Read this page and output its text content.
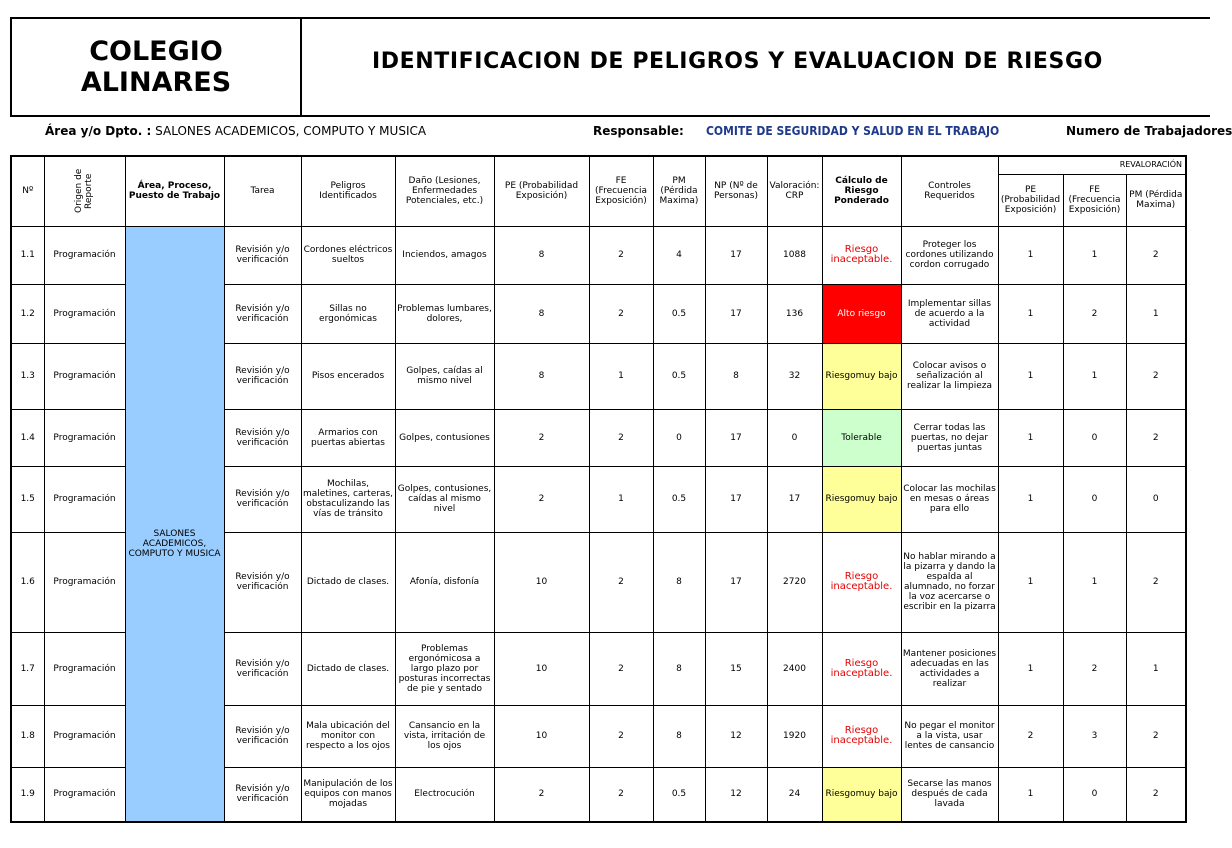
COLEGIO
ALINARES
IDENTIFICACION DE PELIGROS Y EVALUACION DE RIESGO
Área y/o Dpto. : SALONES ACADEMICOS, COMPUTO Y MUSICA	Responsable: COMITE DE SEGURIDAD Y SALUD EN EL TRABAJO	Numero de Trabajadores
Nº	Origen de Reporte	Área, Proceso, Puesto de Trabajo	Tarea	Peligros Identificados	Daño (Lesiones, Enfermedades Potenciales, etc.)	PE (Probabilidad Exposición)	FE (Frecuencia Exposición)	PM (Pérdida Maxima)	NP (Nº de Personas)	Valoración: CRP	Cálculo de Riesgo Ponderado	Controles Requeridos	REVALORACIÓN		
													PE (Probabilidad Exposición)	FE (Frecuencia Exposición)	PM (Pérdida Maxima)
1.1	Programación	SALONES ACADEMICOS, COMPUTO Y MUSICA	Revisión y/o verificación	Cordones eléctricos sueltos	Inciendos, amagos	8	2	4	17	1088	Riesgo inaceptable.	Proteger los cordones utilizando cordon corrugado	1	1	2
1.2	Programación		Revisión y/o verificación	Sillas no ergonómicas	Problemas lumbares, dolores,	8	2	0.5	17	136	Alto riesgo	Implementar sillas de acuerdo a la actividad	1	2	1
1.3	Programación		Revisión y/o verificación	Pisos encerados	Golpes, caídas al mismo nivel	8	1	0.5	8	32	Riesgomuy bajo	Colocar avisos o señalización al realizar la limpieza	1	1	2
1.4	Programación		Revisión y/o verificación	Armarios con puertas abiertas	Golpes, contusiones	2	2	0	17	0	Tolerable	Cerrar todas las puertas, no dejar puertas juntas	1	0	2
1.5	Programación		Revisión y/o verificación	Mochilas, maletines, carteras, obstaculizando las vías de tránsito	Golpes, contusiones, caídas al mismo nivel	2	1	0.5	17	17	Riesgomuy bajo	Colocar las mochilas en mesas o áreas para ello	1	0	0
1.6	Programación		Revisión y/o verificación	Dictado de clases.	Afonía, disfonía	10	2	8	17	2720	Riesgo inaceptable.	No hablar mirando a la pizarra y dando la espalda al alumnado, no forzar la voz acercarse o escribir en la pizarra	1	1	2
1.7	Programación		Revisión y/o verificación	Dictado de clases.	Problemas ergonómicosa a largo plazo por posturas incorrectas de pie y sentado	10	2	8	15	2400	Riesgo inaceptable.	Mantener posiciones adecuadas en las actividades a realizar	1	2	1
1.8	Programación		Revisión y/o verificación	Mala ubicación del monitor con respecto a los ojos	Cansancio en la vista, irritación de los ojos	10	2	8	12	1920	Riesgo inaceptable.	No pegar el monitor a la vista, usar lentes de cansancio	2	3	2
1.9	Programación		Revisión y/o verificación	Manipulación de los equipos con manos mojadas	Electrocución	2	2	0.5	12	24	Riesgomuy bajo	Secarse las manos después de cada lavada	1	0	2
